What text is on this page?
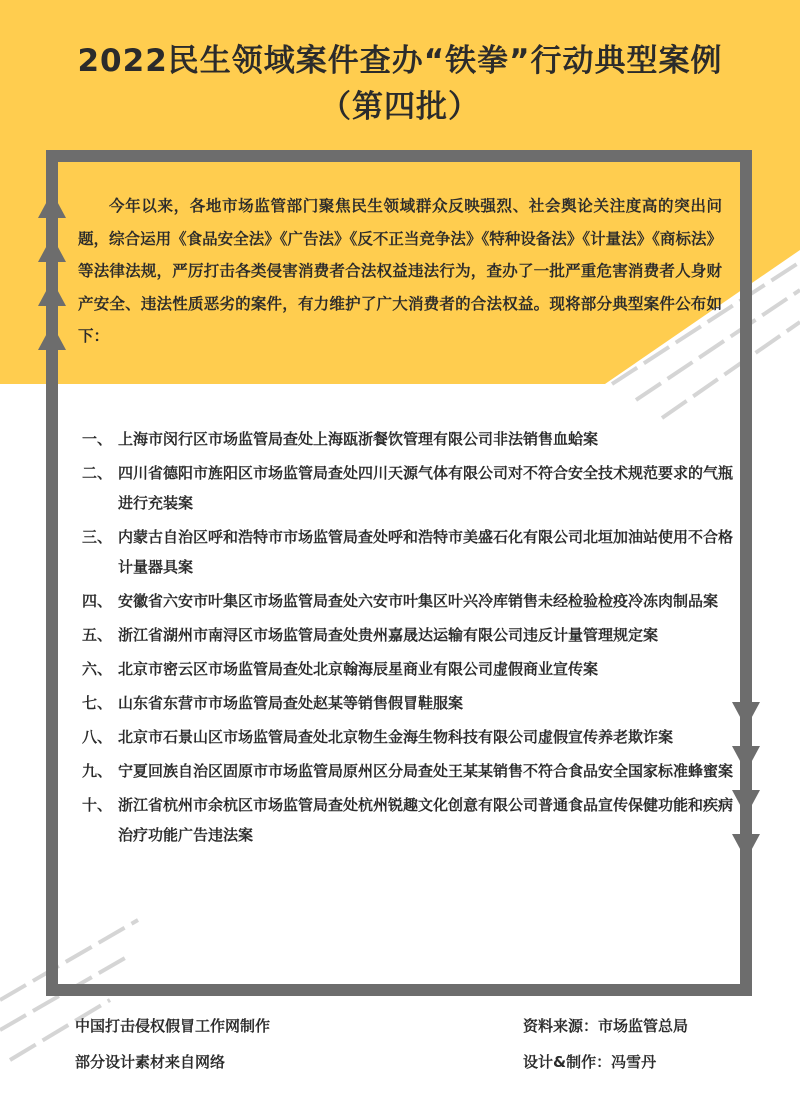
2022民生领域案件查办“铁拳”行动典型案例
（第四批）
今年以来，各地市场监管部门聚焦民生领域群众反映强烈、社会舆论关注度高的突出问题，综合运用《食品安全法》《广告法》《反不正当竞争法》《特种设备法》《计量法》《商标法》等法律法规，严厉打击各类侵害消费者合法权益违法行为，查办了一批严重危害消费者人身财产安全、违法性质恶劣的案件，有力维护了广大消费者的合法权益。现将部分典型案件公布如下：
一、 上海市闵行区市场监管局查处上海瓯浙餐饮管理有限公司非法销售血蛤案
二、 四川省德阳市旌阳区市场监管局查处四川天源气体有限公司对不符合安全技术规范要求的气瓶进行充装案
三、 内蒙古自治区呼和浩特市市场监管局查处呼和浩特市美盛石化有限公司北垣加油站使用不合格计量器具案
四、 安徽省六安市叶集区市场监管局查处六安市叶集区叶兴冷库销售未经检验检疫冷冻肉制品案
五、 浙江省湖州市南浔区市场监管局查处贵州嘉晟达运输有限公司违反计量管理规定案
六、 北京市密云区市场监管局查处北京翰海辰星商业有限公司虚假商业宣传案
七、 山东省东营市市场监管局查处赵某等销售假冒鞋服案
八、 北京市石景山区市场监管局查处北京物生金海生物科技有限公司虚假宣传养老欺诈案
九、 宁夏回族自治区固原市市场监管局原州区分局查处王某某销售不符合食品安全国家标准蜂蜜案
十、 浙江省杭州市余杭区市场监管局查处杭州锐趣文化创意有限公司普通食品宣传保健功能和疾病治疗功能广告违法案
中国打击侵权假冒工作网制作
部分设计素材来自网络
资料来源：市场监管总局
设计&制作：冯雪丹
